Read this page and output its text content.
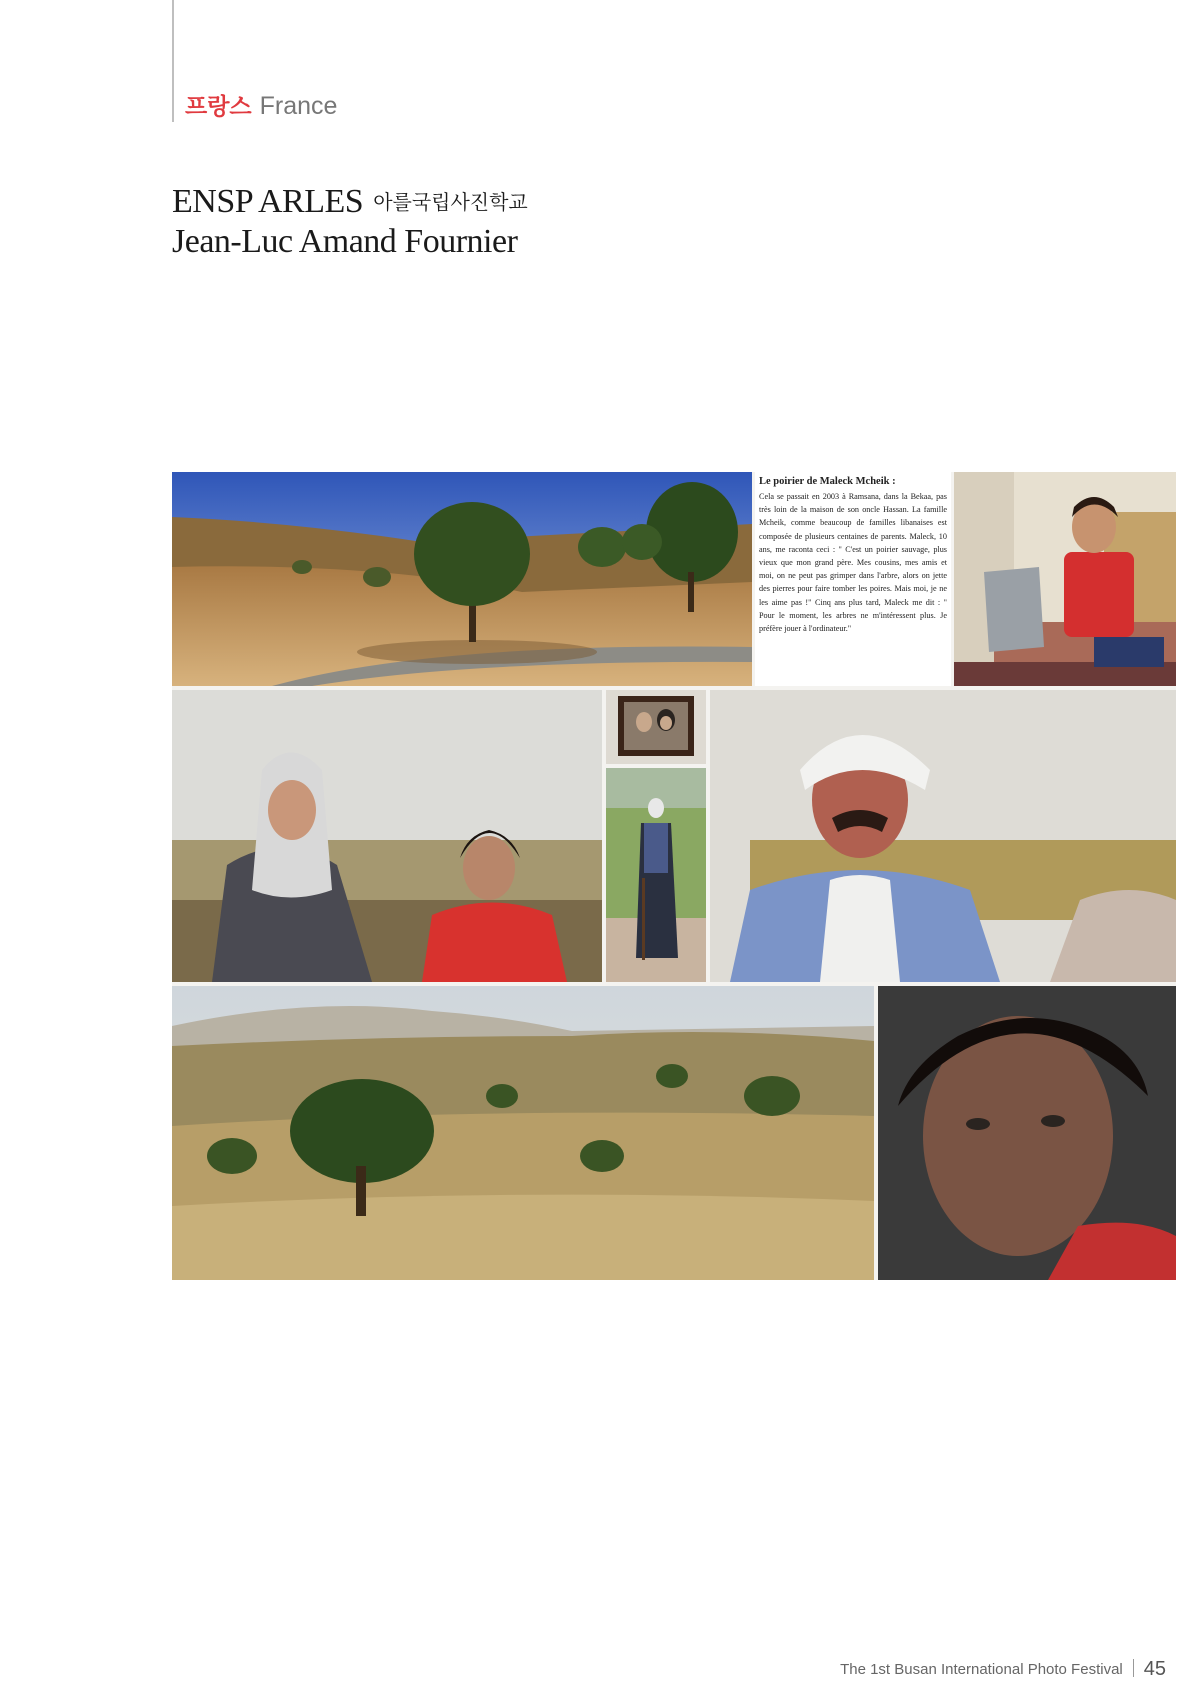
프랑스 France
ENSP ARLES 아를국립사진학교
Jean-Luc Amand Fournier
Le poirier de Maleck Mcheik :
Cela se passait en 2003 à Ramsana, dans la Bekaa, pas très loin de la maison de son oncle Hassan. La famille Mcheik, comme beaucoup de familles libanaises est composée de plusieurs centaines de parents. Maleck, 10 ans, me raconta ceci : " C'est un poirier sauvage, plus vieux que mon grand père. Mes cousins, mes amis et moi, on ne peut pas grimper dans l'arbre, alors on jette des pierres pour faire tomber les poires. Mais moi, je ne les aime pas !" Cinq ans plus tard, Maleck me dit : " Pour le moment, les arbres ne m'intéressent plus. Je préfère jouer à l'ordinateur."
The 1st Busan International Photo Festival 45
